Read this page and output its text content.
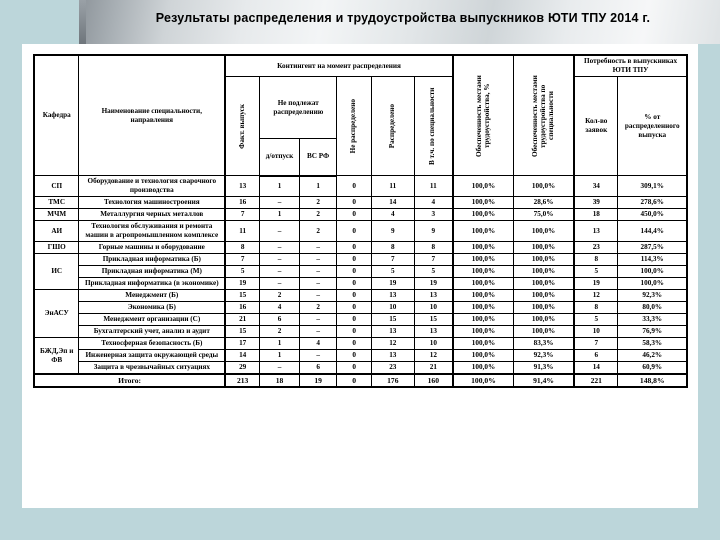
Результаты распределения и трудоустройства выпускников ЮТИ ТПУ 2014 г.
Кафедра	Наименование специальности, направления	Контингент на момент распределения						Обеспеченность местами трудоустройства, %	Обеспеченность местами трудоустройства по специальности	Потребность в выпускниках ЮТИ ТПУ	

		Факт. выпуск	Не подлежат распределению		Не распределено	Распределено	В т.ч. по специальности			Кол-во заявок	% от распределенного выпуска
			д/отпуск	ВС РФ							
СП	Оборудование и технология сварочного производства	13	1	1	0	11	11	100,0%	100,0%	34	309,1%
ТМС	Технология машиностроения	16	–	2	0	14	4	100,0%	28,6%	39	278,6%
МЧМ	Металлургия черных металлов	7	1	2	0	4	3	100,0%	75,0%	18	450,0%
АИ	Технология обслуживания и ремонта машин в агропромышленном комплексе	11	–	2	0	9	9	100,0%	100,0%	13	144,4%
ГШО	Горные машины и оборудование	8	–	–	0	8	8	100,0%	100,0%	23	287,5%
ИС	Прикладная информатика (Б)	7	–	–	0	7	7	100,0%	100,0%	8	114,3%
	Прикладная информатика (М)	5	–	–	0	5	5	100,0%	100,0%	5	100,0%
	Прикладная информатика (в экономике)	19	–	–	0	19	19	100,0%	100,0%	19	100,0%
ЭнАСУ	Менеджмент (Б)	15	2	–	0	13	13	100,0%	100,0%	12	92,3%
	Экономика (Б)	16	4	2	0	10	10	100,0%	100,0%	8	80,0%
	Менеджмент организации (С)	21	6	–	0	15	15	100,0%	100,0%	5	33,3%
	Бухгалтерский учет, анализ и аудит	15	2	–	0	13	13	100,0%	100,0%	10	76,9%
БЖД,Эп и ФВ	Техносферная безопасность (Б)	17	1	4	0	12	10	100,0%	83,3%	7	58,3%
	Инженерная защита окружающей среды	14	1	–	0	13	12	100,0%	92,3%	6	46,2%
	Защита в чрезвычайных ситуациях	29	–	6	0	23	21	100,0%	91,3%	14	60,9%
Итого:		213	18	19	0	176	160	100,0%	91,4%	221	148,8%
